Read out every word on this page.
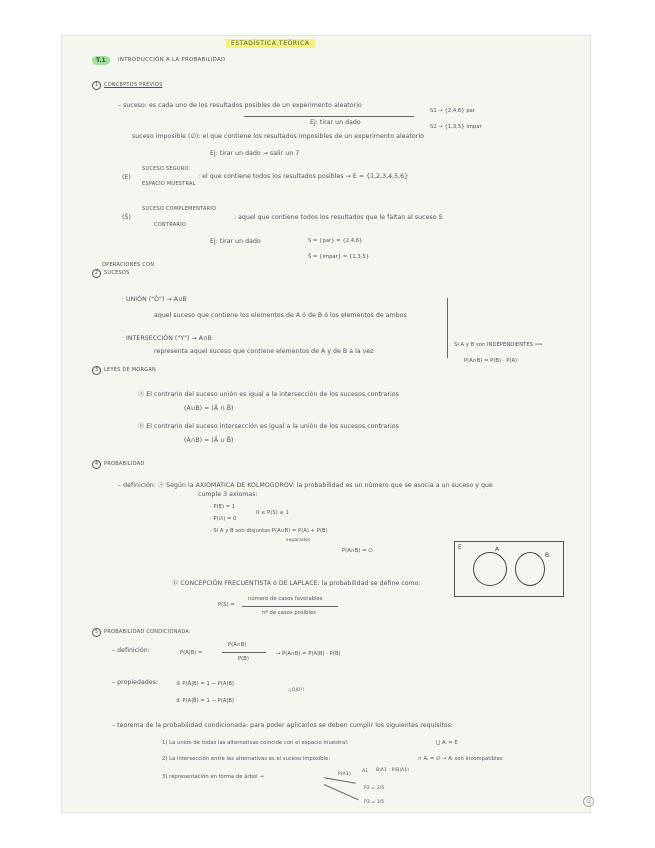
ESTADÍSTICA TEÓRICA
T.1	INTRODUCCIÓN A LA PROBABILIDAD
1 CONCEPTOS PREVIOS
– suceso: es cada uno de los resultados posibles de un experimento aleatorio
Ej: tirar un dado
S1 → {2,4,6} par
S2 → {1,3,5} impar
suceso imposible (∅): el que contiene los resultados imposibles de un experimento aleatorio
Ej: tirar un dado → salir un 7
(E)
SUCESO SEGURO
ESPACIO MUESTRAL
: el que contiene todos los resultados posibles → E = {1,2,3,4,5,6}
(S̄)
SUCESO COMPLEMENTARIO
CONTRARIO
: aquel que contiene todos los resultados que le faltan al suceso S
Ej: tirar un dado	S = {par} = {2,4,6}
S̄ = {impar} = {1,3,5}
OPERACIONES CON
2 SUCESOS
· UNIÓN ("Ó") → A∪B
aquel suceso que contiene los elementos de A ó de B ó los elementos de ambos
· INTERSECCIÓN ("Y") → A∩B
representa aquel suceso que contiene elementos de A y de B a la vez
Si A y B son INDEPENDIENTES ⟹
P(A∩B) = P(B) · P(A)
3 LEYES DE MORGAN
Ⓐ El contrario del suceso unión es igual a la intersección de los sucesos contrarios
(A∪B) = (Ā ∩ B̄)
Ⓑ El contrario del suceso intersección es igual a la unión de los sucesos contrarios
(A∩B) = (Ā ∪ B̄)
4 PROBABILIDAD
– definición: Ⓐ Según la AXIOMÁTICA DE KOLMOGOROV: la probabilidad es un número que se asocia a un suceso y que
cumple 3 axiomas:
· P(E) = 1
· P(∅) = 0
0 ≤ P(S) ≤ 1
· Si A y B son disjuntos P(A∪B) = P(A) + P(B)
separados
P(A∩B) = ∅	E	A
B
Ⓑ CONCEPCIÓN FRECUENTISTA ó DE LAPLACE: la probabilidad se define como:
P(S) =
número de casos favorables
nº de casos posibles
5 PROBABILIDAD CONDICIONADA:
– definición:	P(A|B) =
P(A∩B)
P(B)
→ P(A∩B) = P(A|B) · P(B)
– propiedades:	① P(Ā|B) = 1 − P(A|B)
¡¡OJO!!
② P(A|B̄) = 1 − P(A|B)
– teorema de la probabilidad condicionada: para poder aplicarlos se deben cumplir los siguientes requisitos:
1) La unión de todas las alternativas coincide con el espacio muestral:	⋃ Aᵢ = E
2) La intersección entre las alternativas es el suceso imposible:	∩ Aᵢ = ∅ → Aᵢ son incompatibles
3) representación en forma de árbol →	P(A1)
A1 B|A1 · P(B|A1)
P2 = 2/5
P3 = 1/5	G
